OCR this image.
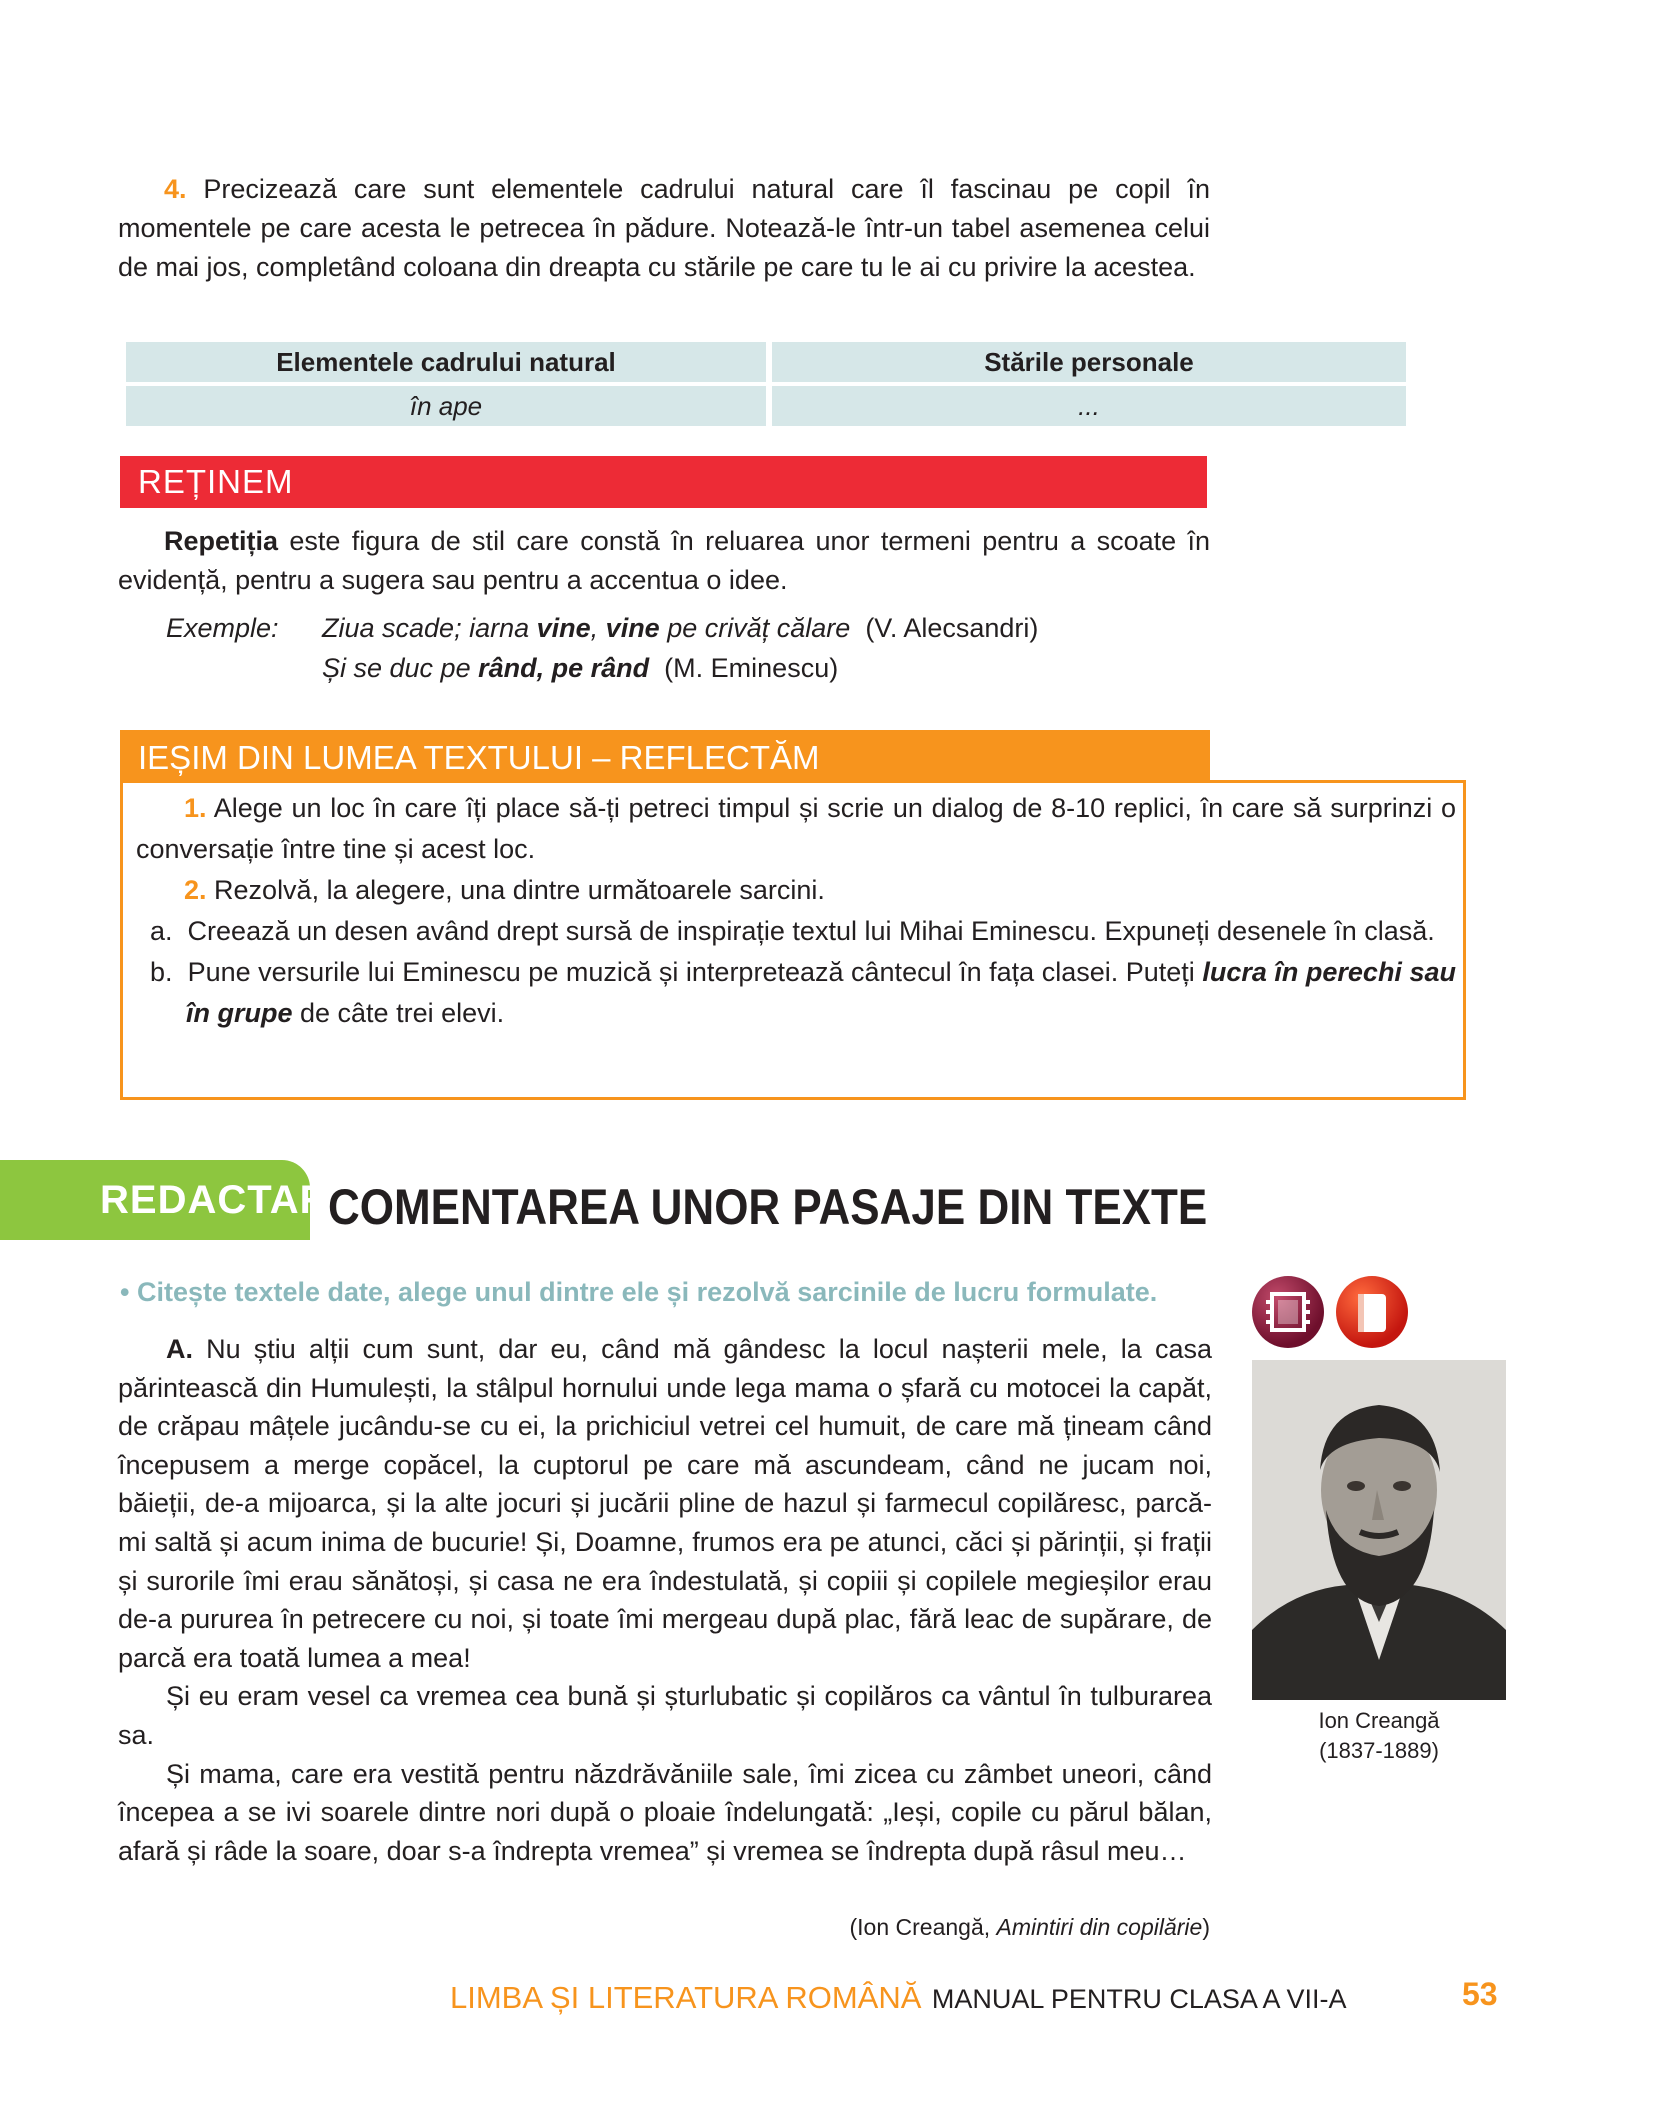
4. Precizează care sunt elementele cadrului natural care îl fascinau pe copil în momentele pe care acesta le petrecea în pădure. Notează-le într-un tabel asemenea celui de mai jos, completând coloana din dreapta cu stările pe care tu le ai cu privire la acestea.

Elementele cadrului natural	Stările personale
în ape	...
REȚINEM

Repetiția este figura de stil care constă în reluarea unor termeni pentru a scoate în evidență, pentru a sugera sau pentru a accentua o idee.

Exemple: Ziua scade; iarna vine, vine pe crivăț călare (V. Alecsandri)
Și se duc pe rând, pe rând (M. Eminescu)
IEȘIM DIN LUMEA TEXTULUI – REFLECTĂM

1. Alege un loc în care îți place să-ți petreci timpul și scrie un dialog de 8-10 replici, în care să surprinzi o conversație între tine și acest loc.

2. Rezolvă, la alegere, una dintre următoarele sarcini.

a. Creează un desen având drept sursă de inspirație textul lui Mihai Eminescu. Expuneți desenele în clasă.

b. Pune versurile lui Eminescu pe muzică și interpretează cântecul în fața clasei. Puteți lucra în perechi sau în grupe de câte trei elevi.

REDACTARE
COMENTAREA UNOR PASAJE DIN TEXTE
• Citește textele date, alege unul dintre ele și rezolvă sarcinile de lucru formulate.

A. Nu știu alții cum sunt, dar eu, când mă gândesc la locul nașterii mele, la casa părintească din Humulești, la stâlpul hornului unde lega mama o șfară cu motocei la capăt, de crăpau mâțele jucându-se cu ei, la prichiciul vetrei cel humuit, de care mă țineam când începusem a merge copăcel, la cuptorul pe care mă ascundeam, când ne jucam noi, băieții, de-a mijoarca, și la alte jocuri și jucării pline de hazul și farmecul copilăresc, parcă-mi saltă și acum inima de bucurie! Și, Doamne, frumos era pe atunci, căci și părinții, și frații și surorile îmi erau sănătoși, și casa ne era îndestulată, și copiii și copilele megieșilor erau de-a pururea în petrecere cu noi, și toate îmi mergeau după plac, fără leac de supărare, de parcă era toată lumea a mea!

Și eu eram vesel ca vremea cea bună și șturlubatic și copilăros ca vântul în tulburarea sa.

Și mama, care era vestită pentru năzdrăvăniile sale, îmi zicea cu zâmbet uneori, când începea a se ivi soarele dintre nori după o ploaie îndelungată: „Ieși, copile cu părul bălan, afară și râde la soare, doar s-a îndrepta vremea” și vremea se îndrepta după râsul meu…

(Ion Creangă, Amintiri din copilărie)
Ion Creangă
(1837-1889)
LIMBA ȘI LITERATURA ROMÂNĂ MANUAL PENTRU CLASA A VII-A	53
